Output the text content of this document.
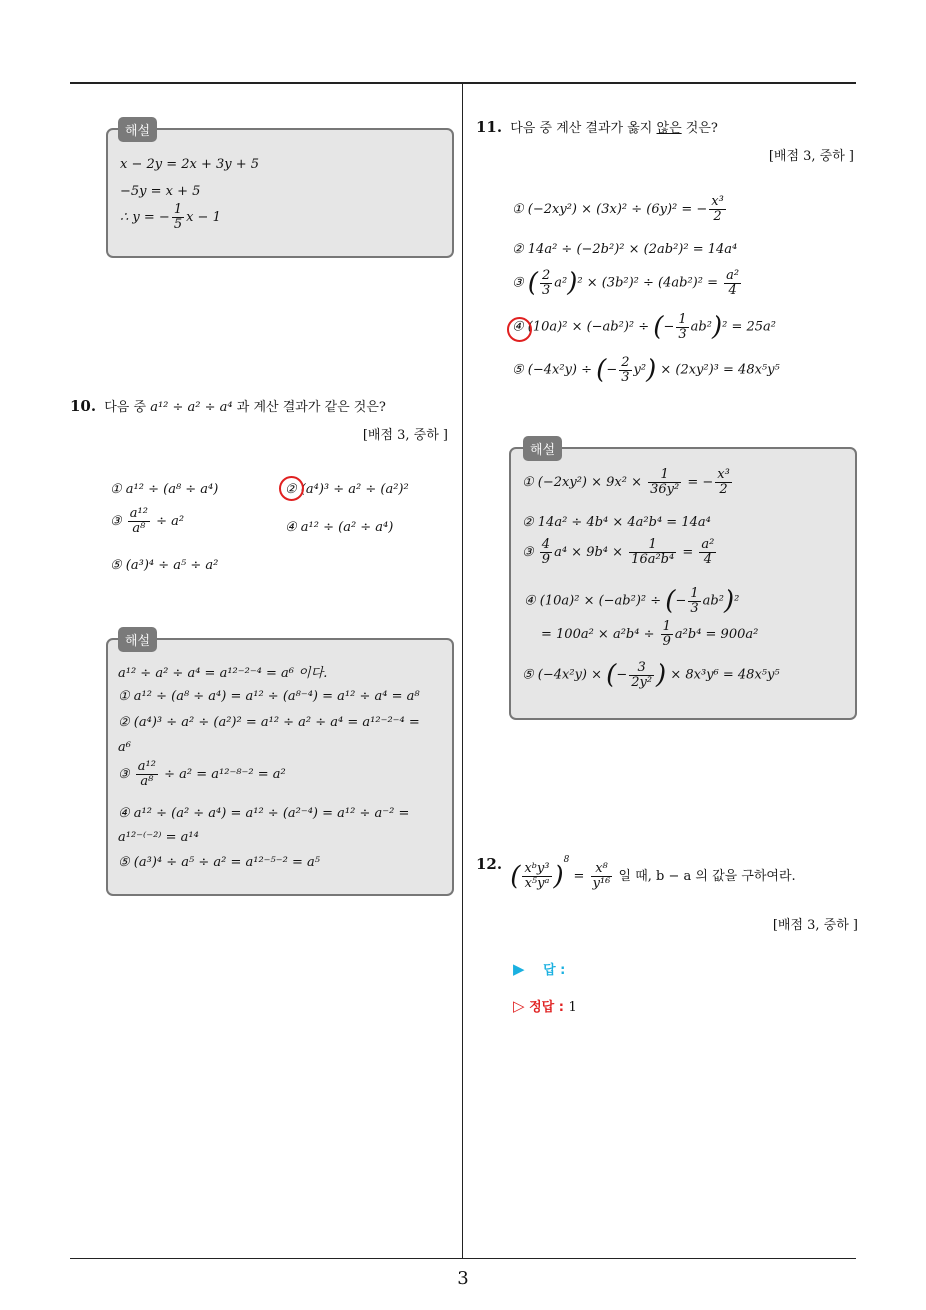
해설
x − 2y = 2x + 3y + 5
−5y = x + 5
∴ y = − $\frac{1}{5}$ x − 1
10. 다음 중 a¹² ÷ a² ÷ a⁴ 과 계산 결과가 같은 것은?
[배점 3, 중하 ]
① a¹² ÷ (a⁸ ÷ a⁴)	② (a⁴)³ ÷ a² ÷ (a²)²
③ $\frac{\text{a¹²}}{\text{a⁸}} \div a^2$	④ a¹² ÷ (a² ÷ a⁴)
⑤ (a³)⁴ ÷ a⁵ ÷ a²
해설
a¹² ÷ a² ÷ a⁴ = a¹²⁻²⁻⁴ = a⁶ 이다.
① a¹² ÷ (a⁸ ÷ a⁴) = a¹² ÷ (a⁸⁻⁴) = a¹² ÷ a⁴ = a⁸
② (a⁴)³ ÷ a² ÷ (a²)² = a¹² ÷ a² ÷ a⁴ = a¹²⁻²⁻⁴ =
a⁶
③ $\frac{\text{a¹²}}{\text{a⁸}} \div a^2 = a^{12-8-2} = a^2$
④ a¹² ÷ (a² ÷ a⁴) = a¹² ÷ (a²⁻⁴) = a¹² ÷ a⁻² =
a¹²⁻⁽⁻²⁾ = a¹⁴
⑤ (a³)⁴ ÷ a⁵ ÷ a² = a¹²⁻⁵⁻² = a⁵
11. 다음 중 계산 결과가 옳지 않은 것은?
[배점 3, 중하 ]
① (−2xy²) × (3x)² ÷ (6y)² = − $\frac{\text{x³}}{2}$
② 14a² ÷ (−2b²)² × (2ab²)² = 14a⁴
③ ( $\frac{2}{3} a^2)^2 \times (3b^2)^2 \div (4ab^2)^2 = \frac{\text{a²}}{4}$
④ (10a)² × (−ab²)² ÷ (− $\frac{1}{3} ab^2)^2 = 25a^2$
⑤ (−4x²y) ÷ (− $\frac{2}{3} y^2) \times (2xy^2)^3 = 48x^5y^5$
해설
① $(-2xy^2) \times 9x^2 \times \frac{1}{\text{36y²}}$ = − $\frac{\text{x³}}{2}$
② 14a² ÷ 4b⁴ × 4a²b⁴ = 14a⁴
③ $\frac{4}{9} a^4 \times 9b^4 \times \frac{1}{\text{16a²b⁴}} = \frac{\text{a²}}{4}$
④ (10a)² × (−ab²)² ÷ (− $\frac{1}{3} ab^2)^2$
= $100a^2 \times a^2b^4 \div \frac{1}{9} a^2b^4 = 900a^2$
⑤ (−4x²y) × (− $\frac{3}{\text{2y²}}$ ) × 8x³y⁶ = 48x⁵y⁵
12. ( $\frac{\text{xᵇy³}}{\text{x⁵yᵃ}} )^8 = \frac{\text{x⁸}}{\text{y¹⁶}}$ 일 때, b − a 의 값을 구하여라.
[배점 3, 중하 ]
▶ 답 :
▷ 정답 : 1
3
